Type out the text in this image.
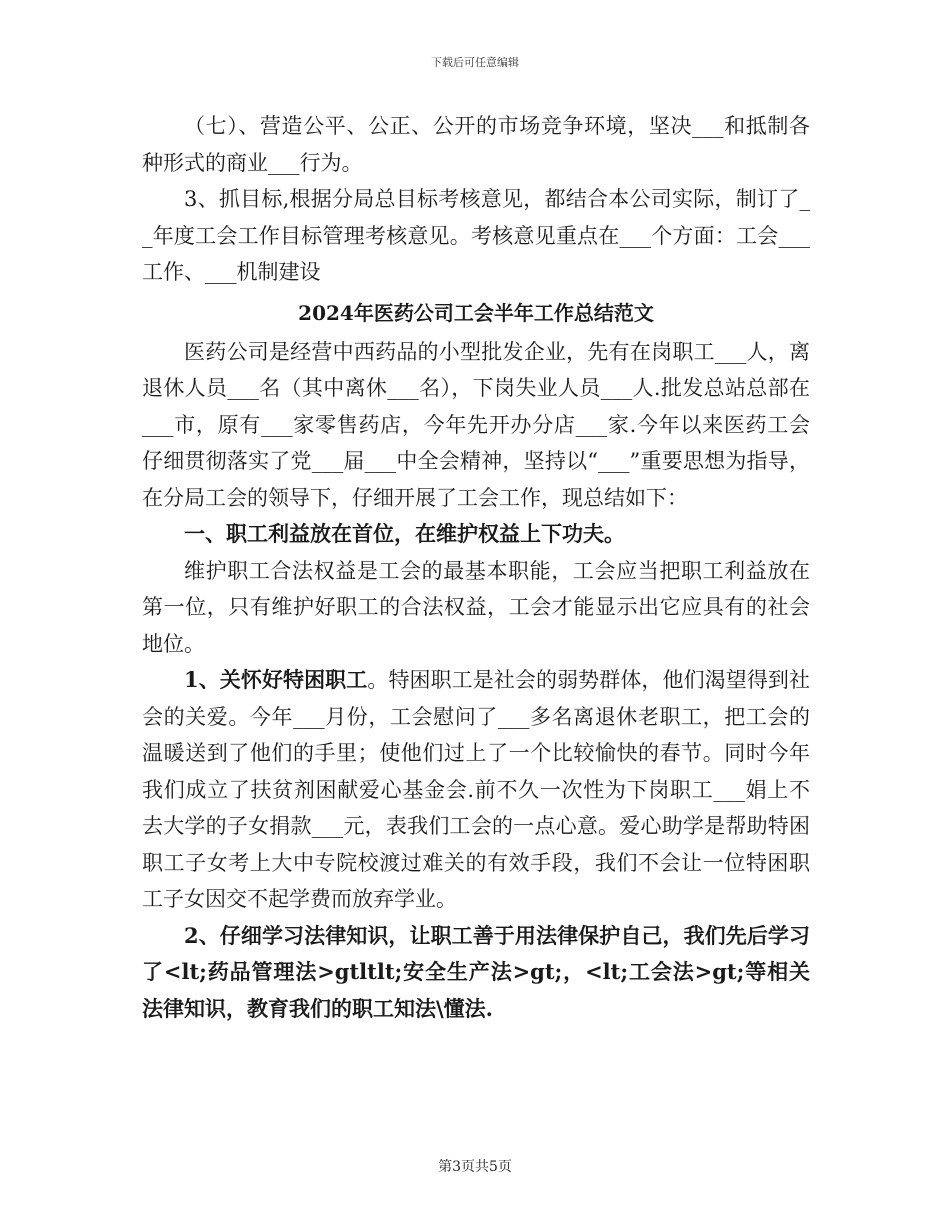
下载后可任意编辑

（七）、营造公平、公正、公开的市场竞争环境，坚决___和抵制各种形式的商业___行为。

3、抓目标,根据分局总目标考核意见，都结合本公司实际，制订了__年度工会工作目标管理考核意见。考核意见重点在___个方面：工会___工作、___机制建设

2024年医药公司工会半年工作总结范文

医药公司是经营中西药品的小型批发企业，先有在岗职工___人，离退休人员___名（其中离休___名），下岗失业人员___人.批发总站总部在___市，原有___家零售药店，今年先开办分店___家.今年以来医药工会仔细贯彻落实了党___届___中全会精神，坚持以“___”重要思想为指导，在分局工会的领导下，仔细开展了工会工作，现总结如下：

一、职工利益放在首位，在维护权益上下功夫。

维护职工合法权益是工会的最基本职能，工会应当把职工利益放在第一位，只有维护好职工的合法权益，工会才能显示出它应具有的社会地位。

1、关怀好特困职工。特困职工是社会的弱势群体，他们渴望得到社会的关爱。今年___月份，工会慰问了___多名离退休老职工，把工会的温暖送到了他们的手里；使他们过上了一个比较愉快的春节。同时今年我们成立了扶贫剂困献爱心基金会.前不久一次性为下岗职工___娟上不去大学的子女捐款___元，表我们工会的一点心意。爱心助学是帮助特困职工子女考上大中专院校渡过难关的有效手段，我们不会让一位特困职工子女因交不起学费而放弃学业。

2、仔细学习法律知识，让职工善于用法律保护自己，我们先后学习了<lt;药品管理法>gtltlt;安全生产法>gt;，<lt;工会法>gt;等相关法律知识，教育我们的职工知法\懂法.

第3页共5页
